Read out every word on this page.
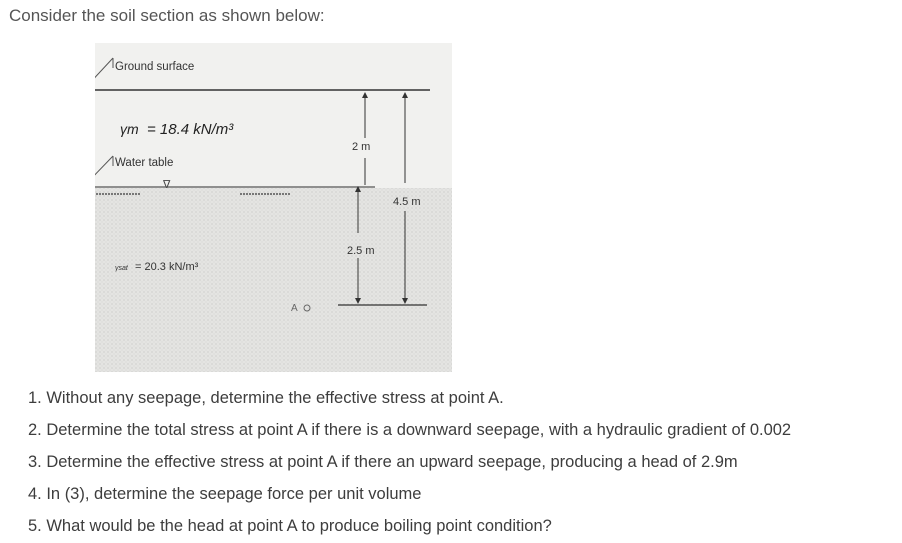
Consider the soil section as shown below:
Ground surface
γm = 18.4 kN/m³
Water table
∇
γsat = 20.3 kN/m³
A
2 m
2.5 m
4.5 m
1. Without any seepage, determine the effective stress at point A.
2. Determine the total stress at point A if there is a downward seepage, with a hydraulic gradient of 0.002
3. Determine the effective stress at point A if there an upward seepage, producing a head of 2.9m
4. In (3), determine the seepage force per unit volume
5. What would be the head at point A to produce boiling point condition?
